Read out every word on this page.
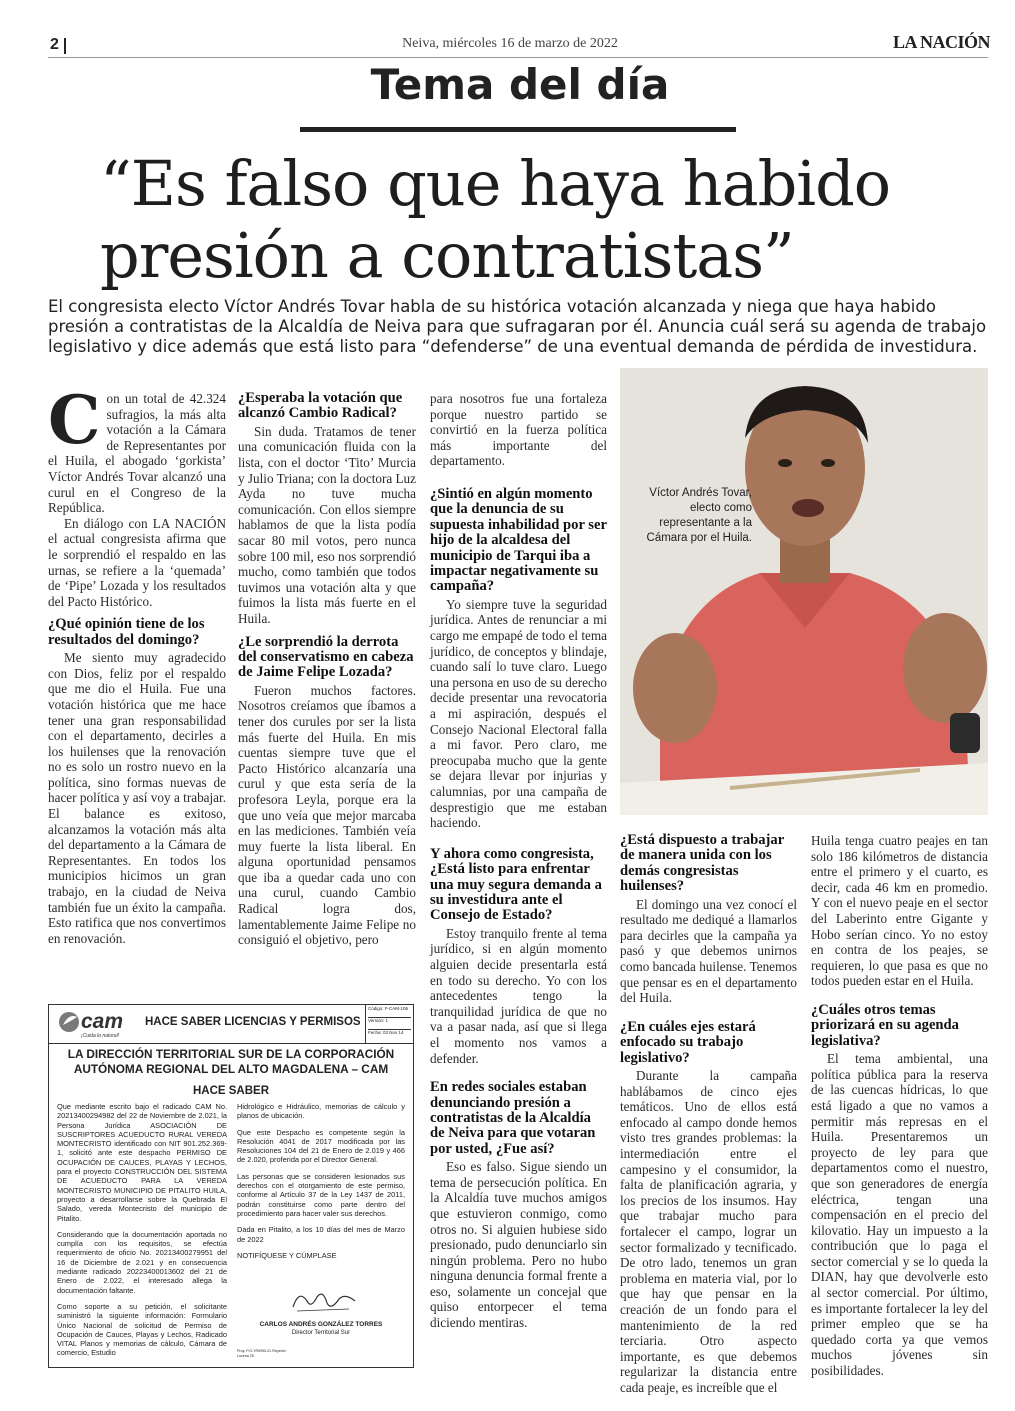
2	Neiva, miércoles 16 de marzo de 2022	LA NACIÓN
Tema del día
“Es falso que haya habido presión a contratistas”
El congresista electo Víctor Andrés Tovar habla de su histórica votación alcanzada y niega que haya habido presión a contratistas de la Alcaldía de Neiva para que sufragaran por él. Anuncia cuál será su agenda de trabajo legislativo y dice además que está listo para “defenderse” de una eventual demanda de pérdida de investidura.

Con un total de 42.324 sufragios, la más alta votación a la Cámara de Representantes por el Huila, el abogado ‘gorkista’ Víctor Andrés Tovar alcanzó una curul en el Congreso de la República.

En diálogo con LA NACIÓN el actual congresista afirma que le sorprendió el respaldo en las urnas, se refiere a la ‘quemada’ de ‘Pipe’ Lozada y los resultados del Pacto Histórico.

¿Qué opinión tiene de los resultados del domingo?

Me siento muy agradecido con Dios, feliz por el respaldo que me dio el Huila. Fue una votación histórica que me hace tener una gran responsabilidad con el departamento, decirles a los huilenses que la renovación no es solo un rostro nuevo en la política, sino formas nuevas de hacer política y así voy a trabajar. El balance es exitoso, alcanzamos la votación más alta del departamento a la Cámara de Representantes. En todos los municipios hicimos un gran trabajo, en la ciudad de Neiva también fue un éxito la campaña. Esto ratifica que nos convertimos en renovación.

¿Esperaba la votación que alcanzó Cambio Radical?

Sin duda. Tratamos de tener una comunicación fluida con la lista, con el doctor ‘Tito’ Murcia y Julio Triana; con la doctora Luz Ayda no tuve mucha comunicación. Con ellos siempre hablamos de que la lista podía sacar 80 mil votos, pero nunca sobre 100 mil, eso nos sorprendió mucho, como también que todos tuvimos una votación alta y que fuimos la lista más fuerte en el Huila.

¿Le sorprendió la derrota del conservatismo en cabeza de Jaime Felipe Lozada?

Fueron muchos factores. Nosotros creíamos que íbamos a tener dos curules por ser la lista más fuerte del Huila. En mis cuentas siempre tuve que el Pacto Histórico alcanzaría una curul y que esta sería de la profesora Leyla, porque era la que uno veía que mejor marcaba en las mediciones. También veía muy fuerte la lista liberal. En alguna oportunidad pensamos que iba a quedar cada uno con una curul, cuando Cambio Radical logra dos, lamentablemente Jaime Felipe no consiguió el objetivo, pero

para nosotros fue una fortaleza porque nuestro partido se convirtió en la fuerza política más importante del departamento.

¿Sintió en algún momento que la denuncia de su supuesta inhabilidad por ser hijo de la alcaldesa del municipio de Tarqui iba a impactar negativamente su campaña?

Yo siempre tuve la seguridad jurídica. Antes de renunciar a mi cargo me empapé de todo el tema jurídico, de conceptos y blindaje, cuando salí lo tuve claro. Luego una persona en uso de su derecho decide presentar una revocatoria a mi aspiración, después el Consejo Nacional Electoral falla a mi favor. Pero claro, me preocupaba mucho que la gente se dejara llevar por injurias y calumnias, por una campaña de desprestigio que me estaban haciendo.

Y ahora como congresista, ¿Está listo para enfrentar una muy segura demanda a su investidura ante el Consejo de Estado?

Estoy tranquilo frente al tema jurídico, si en algún momento alguien decide presentarla está en todo su derecho. Yo con los antecedentes tengo la tranquilidad jurídica de que no va a pasar nada, así que si llega el momento nos vamos a defender.

En redes sociales estaban denunciando presión a contratistas de la Alcaldía de Neiva para que votaran por usted, ¿Fue así?

Eso es falso. Sigue siendo un tema de persecución política. En la Alcaldía tuve muchos amigos que estuvieron conmigo, como otros no. Si alguien hubiese sido presionado, pudo denunciarlo sin ningún problema. Pero no hubo ninguna denuncia formal frente a eso, solamente un concejal que quiso entorpecer el tema diciendo mentiras.

Víctor Andrés Tovar, electo como representante a la Cámara por el Huila.
¿Está dispuesto a trabajar de manera unida con los demás congresistas huilenses?

El domingo una vez conocí el resultado me dediqué a llamarlos para decirles que la campaña ya pasó y que debemos unirnos como bancada huilense. Tenemos que pensar es en el departamento del Huila.

¿En cuáles ejes estará enfocado su trabajo legislativo?

Durante la campaña hablábamos de cinco ejes temáticos. Uno de ellos está enfocado al campo donde hemos visto tres grandes problemas: la intermediación entre el campesino y el consumidor, la falta de planificación agraria, y los precios de los insumos. Hay que trabajar mucho para fortalecer el campo, lograr un sector formalizado y tecnificado. De otro lado, tenemos un gran problema en materia vial, por lo que hay que pensar en la creación de un fondo para el mantenimiento de la red terciaria. Otro aspecto importante, es que debemos regularizar la distancia entre cada peaje, es increíble que el

Huila tenga cuatro peajes en tan solo 186 kilómetros de distancia entre el primero y el cuarto, es decir, cada 46 km en promedio. Y con el nuevo peaje en el sector del Laberinto entre Gigante y Hobo serían cinco. Yo no estoy en contra de los peajes, se requieren, lo que pasa es que no todos pueden estar en el Huila.

¿Cuáles otros temas priorizará en su agenda legislativa?

El tema ambiental, una política pública para la reserva de las cuencas hídricas, lo que está ligado a que no vamos a permitir más represas en el Huila. Presentaremos un proyecto de ley para que departamentos como el nuestro, que son generadores de energía eléctrica, tengan una compensación en el precio del kilovatio. Hay un impuesto a la contribución que lo paga el sector comercial y se lo queda la DIAN, hay que devolverle esto al sector comercial. Por último, es importante fortalecer la ley del primer empleo que se ha quedado corta ya que vemos muchos jóvenes sin posibilidades.

cam
¡Cuida lo natural!
HACE SABER LICENCIAS Y PERMISOS
Código: F-CAM-106
Versión: 1
Fecha: 03 Nov 14
LA DIRECCIÓN TERRITORIAL SUR DE LA CORPORACIÓN AUTÓNOMA REGIONAL DEL ALTO MAGDALENA – CAM
HACE SABER

Que mediante escrito bajo el radicado CAM No. 20213400294982 del 22 de Noviembre de 2.021, la Persona Jurídica ASOCIACIÓN DE SUSCRIPTORES ACUEDUCTO RURAL VEREDA MONTECRISTO identificado con NIT 901.252.369-1, solicitó ante este despacho PERMISO DE OCUPACIÓN DE CAUCES, PLAYAS Y LECHOS, para el proyecto CONSTRUCCIÓN DEL SISTEMA DE ACUEDUCTO PARA LA VEREDA MONTECRISTO MUNICIPIO DE PITALITO HUILA, proyecto a desarrollarse sobre la Quebrada El Salado, vereda Montecristo del municipio de Pitalito.

Considerando que la documentación aportada no cumplía con los requisitos, se efectúa requerimiento de oficio No. 20213400279951 del 16 de Diciembre de 2.021 y en consecuencia mediante radicado 20223400013602 del 21 de Enero de 2.022, el interesado allega la documentación faltante.

Como soporte a su petición, el solicitante suministró la siguiente información: Formulario Único Nacional de solicitud de Permiso de Ocupación de Cauces, Playas y Lechos, Radicado VITAL Planos y memorias de cálculo, Cámara de comercio, Estudio

Hidrológico e Hidráulico, memorias de cálculo y planos de ubicación.

Que este Despacho es competente según la Resolución 4041 de 2017 modificada por las Resoluciones 104 del 21 de Enero de 2.019 y 466 de 2.020, proferida por el Director General.

Las personas que se consideren lesionados sus derechos con el otorgamiento de este permiso, conforme al Artículo 37 de la Ley 1437 de 2011, podrán constituirse como parte dentro del procedimiento para hacer valer sus derechos.

Dada en Pitalito, a los 10 días del mes de Marzo de 2022

NOTIFÍQUESE Y CÚMPLASE

CARLOS ANDRÉS GONZÁLEZ TORRES
Director Territorial Sur
Proy: P.O.YR0990-21 Reyectó: Lucena 25
